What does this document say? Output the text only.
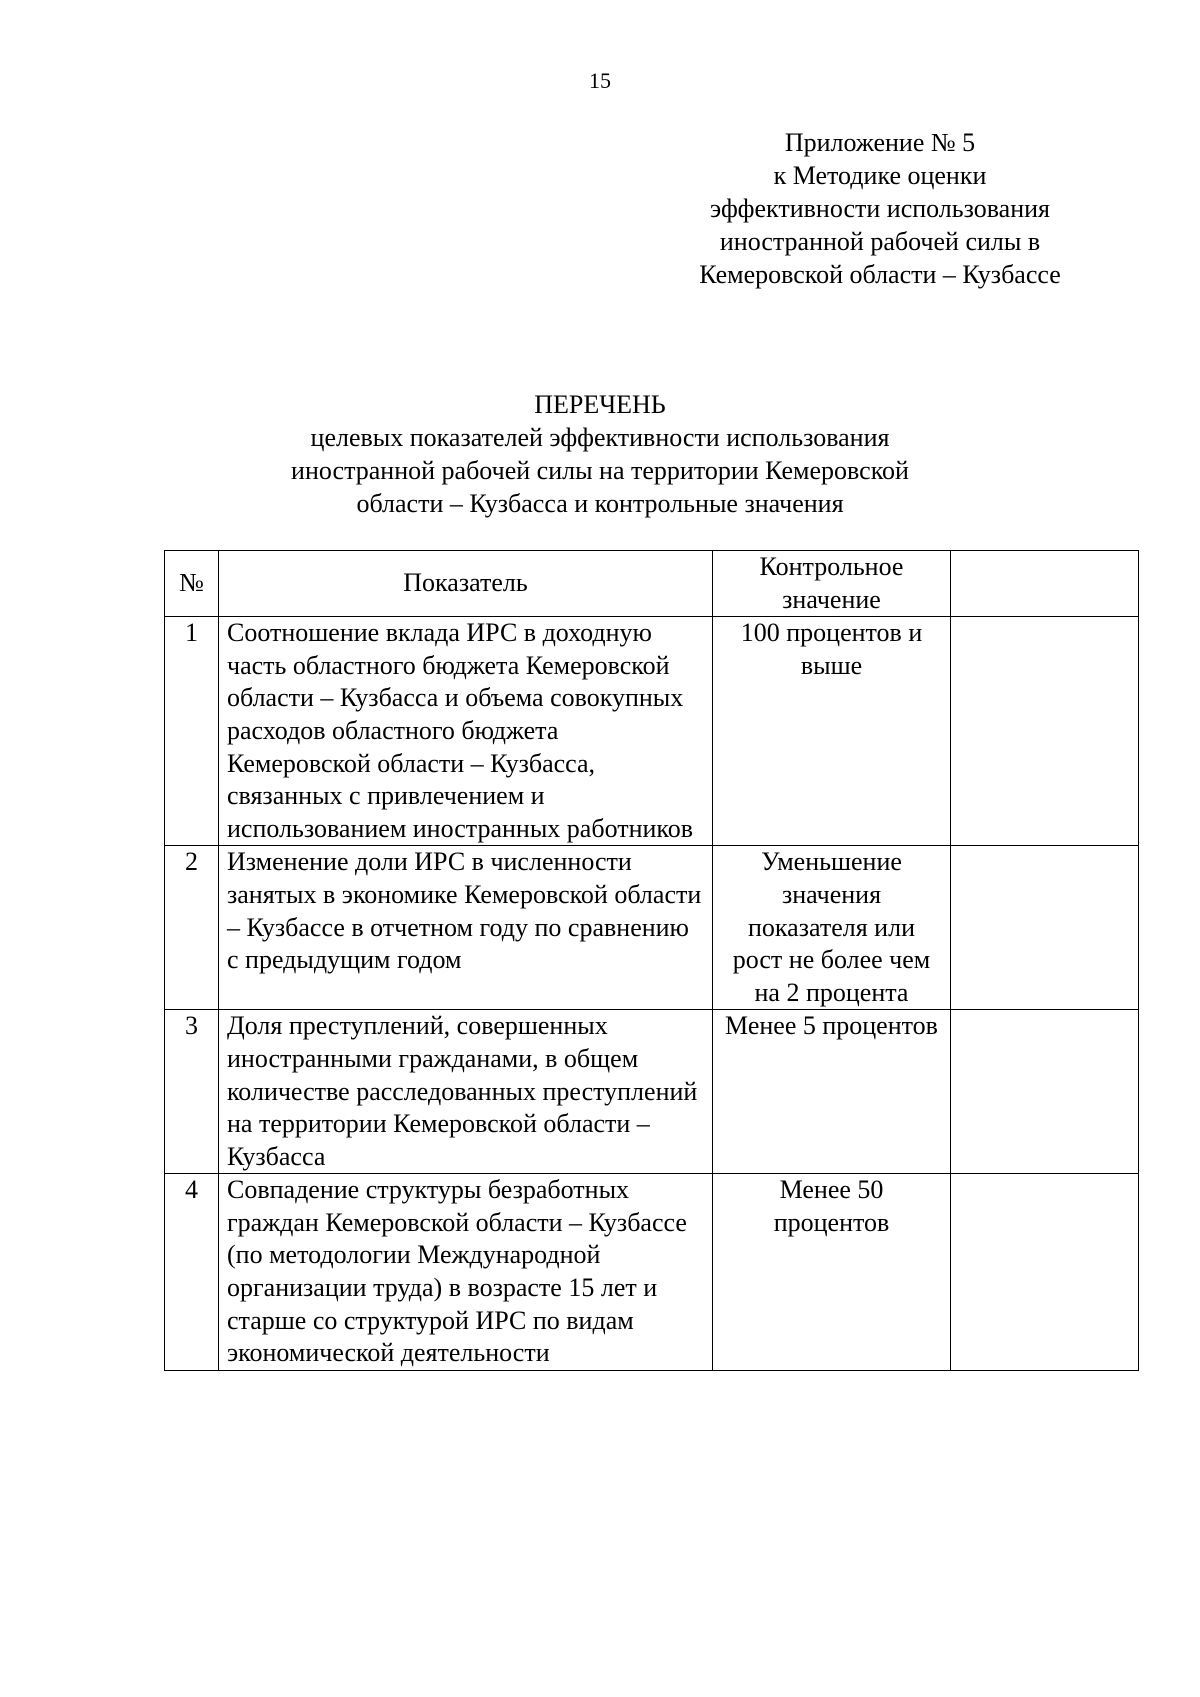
15
Приложение № 5
к Методике оценки
эффективности использования
иностранной рабочей силы в
Кемеровской области – Кузбассе
ПЕРЕЧЕНЬ
целевых показателей эффективности использования
иностранной рабочей силы на территории Кемеровской
области – Кузбасса и контрольные значения
№	Показатель	Контрольное
значение	

1	Соотношение вклада ИРС в доходную часть областного бюджета Кемеровской области – Кузбасса и объема совокупных расходов областного бюджета Кемеровской области – Кузбасса, связанных с привлечением и использованием иностранных работников	100 процентов и выше	
2	Изменение доли ИРС в численности занятых в экономике Кемеровской области – Кузбассе в отчетном году по сравнению с предыдущим годом	Уменьшение значения показателя или рост не более чем на 2 процента	
3	Доля преступлений, совершенных иностранными гражданами, в общем количестве расследованных преступлений на территории Кемеровской области – Кузбасса	Менее 5 процентов	
4	Совпадение структуры безработных граждан Кемеровской области – Кузбассе (по методологии Международной организации труда) в возрасте 15 лет и старше со структурой ИРС по видам экономической деятельности	Менее 50 процентов	
